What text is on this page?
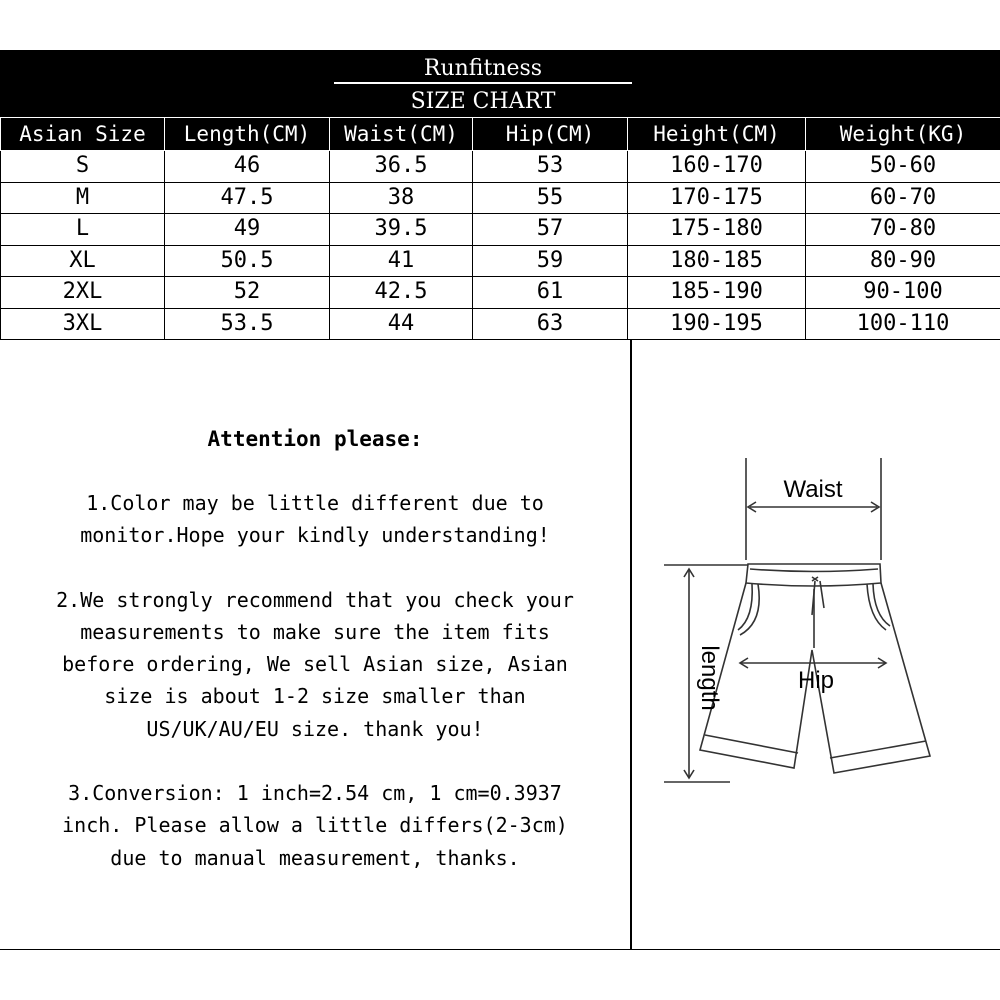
Runfitness
SIZE CHART
Asian Size	Length(CM)	Waist(CM)	Hip(CM)	Height(CM)	Weight(KG)
S	46	36.5	53	160-170	50-60
M	47.5	38	55	170-175	60-70
L	49	39.5	57	175-180	70-80
XL	50.5	41	59	180-185	80-90
2XL	52	42.5	61	185-190	90-100
3XL	53.5	44	63	190-195	100-110
Attention please:
1.Color may be little different due to
monitor.Hope your kindly understanding!
2.We strongly recommend that you check your
measurements to make sure the item fits
before ordering, We sell Asian size, Asian
size is about 1-2 size smaller than
US/UK/AU/EU size. thank you!
3.Conversion: 1 inch=2.54 cm, 1 cm=0.3937
inch. Please allow a little differs(2-3cm)
due to manual measurement, thanks.
Waist
Hip
length
